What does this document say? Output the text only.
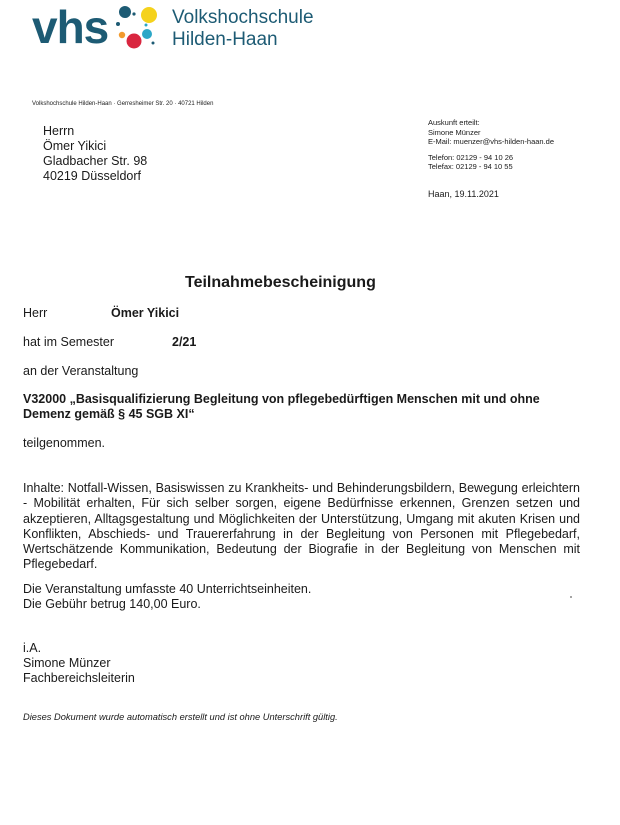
vhs	Volkshochschule
Hilden-Haan
Volkshochschule Hilden-Haan · Gerresheimer Str. 20 · 40721 Hilden
Herrn
Ömer Yikici
Gladbacher Str. 98
40219 Düsseldorf
Auskunft erteilt:
Simone Münzer
E-Mail: muenzer@vhs-hilden-haan.de
Telefon: 02129 - 94 10 26
Telefax: 02129 - 94 10 55
Haan, 19.11.2021
Teilnahmebescheinigung
Herr	Ömer Yikici
hat im Semester	2/21
an der Veranstaltung
V32000 „Basisqualifizierung Begleitung von pflegebedürftigen Menschen mit und ohne Demenz gemäß § 45 SGB XI“
teilgenommen.
Inhalte: Notfall-Wissen, Basiswissen zu Krankheits- und Behinderungsbildern, Bewegung erleichtern - Mobilität erhalten, Für sich selber sorgen, eigene Bedürfnisse erkennen, Grenzen setzen und akzeptieren, Alltagsgestaltung und Möglichkeiten der Unterstützung, Umgang mit akuten Krisen und Konflikten, Abschieds- und Trauererfahrung in der Begleitung von Personen mit Pflegebedarf, Wertschätzende Kommunikation, Bedeutung der Biografie in der Begleitung von Menschen mit Pflegebedarf.
Die Veranstaltung umfasste 40 Unterrichtseinheiten.
Die Gebühr betrug 140,00 Euro.
i.A.
Simone Münzer
Fachbereichsleiterin
Dieses Dokument wurde automatisch erstellt und ist ohne Unterschrift gültig.
